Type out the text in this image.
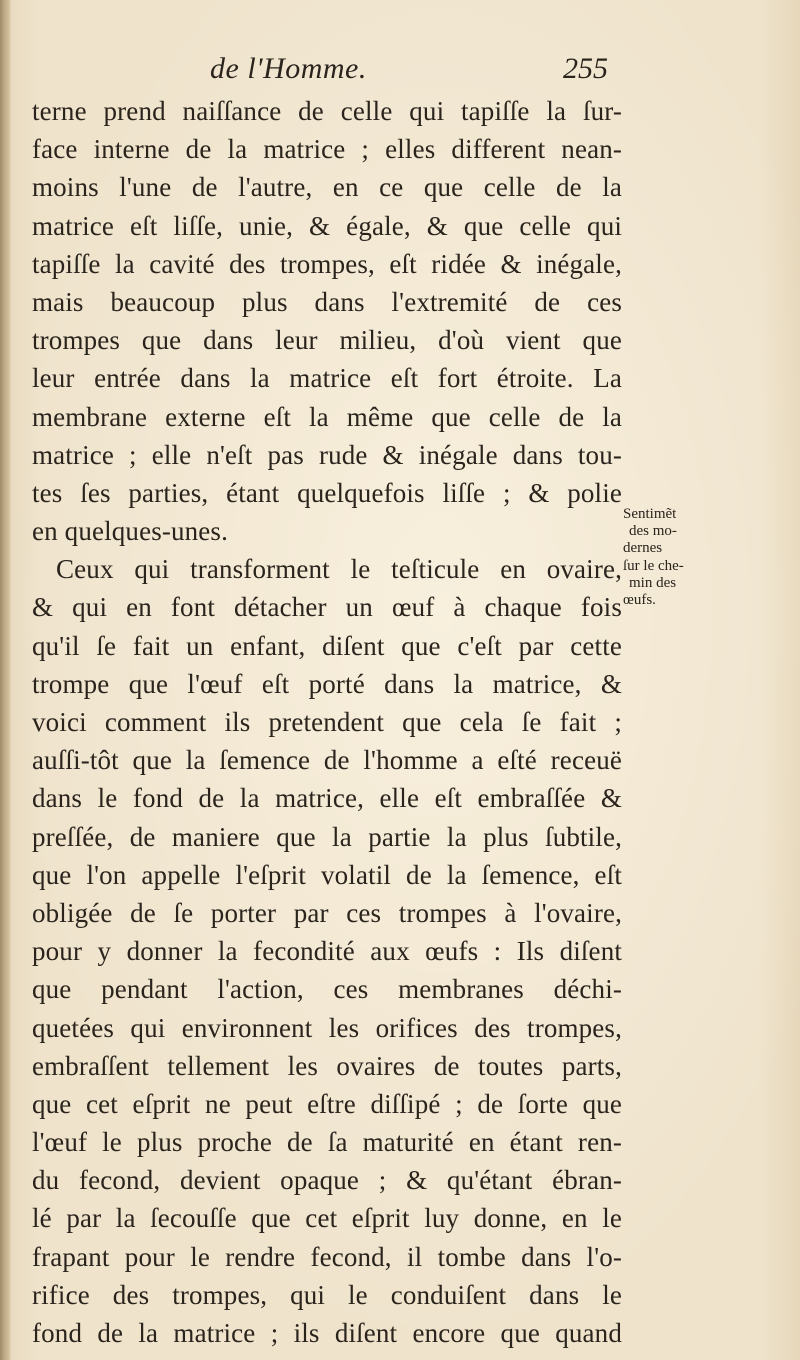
de l'Homme.	255
terne prend naiſſance de celle qui tapiſſe la ſur-
face interne de la matrice ; elles different nean-
moins l'une de l'autre, en ce que celle de la
matrice eſt liſſe, unie, & égale, & que celle qui
tapiſſe la cavité des trompes, eſt ridée & inégale,
mais beaucoup plus dans l'extremité de ces
trompes que dans leur milieu, d'où vient que
leur entrée dans la matrice eſt fort étroite. La
membrane externe eſt la même que celle de la
matrice ; elle n'eſt pas rude & inégale dans tou-
tes ſes parties, étant quelquefois liſſe ; & polie
en quelques-unes.
Ceux qui transforment le teſticule en ovaire,
& qui en font détacher un œuf à chaque fois
qu'il ſe fait un enfant, diſent que c'eſt par cette
trompe que l'œuf eſt porté dans la matrice, &
voici comment ils pretendent que cela ſe fait ;
auſſi-tôt que la ſemence de l'homme a eſté receuë
dans le fond de la matrice, elle eſt embraſſée &
preſſée, de maniere que la partie la plus ſubtile,
que l'on appelle l'eſprit volatil de la ſemence, eſt
obligée de ſe porter par ces trompes à l'ovaire,
pour y donner la fecondité aux œufs : Ils diſent
que pendant l'action, ces membranes déchi-
quetées qui environnent les orifices des trompes,
embraſſent tellement les ovaires de toutes parts,
que cet eſprit ne peut eſtre diſſipé ; de ſorte que
l'œuf le plus proche de ſa maturité en étant ren-
du fecond, devient opaque ; & qu'étant ébran-
lé par la ſecouſſe que cet eſprit luy donne, en le
frapant pour le rendre fecond, il tombe dans l'o-
rifice des trompes, qui le conduiſent dans le
fond de la matrice ; ils diſent encore que quand
Sentimẽt
des mo-
dernes
ſur le che-
min des
œufs.
